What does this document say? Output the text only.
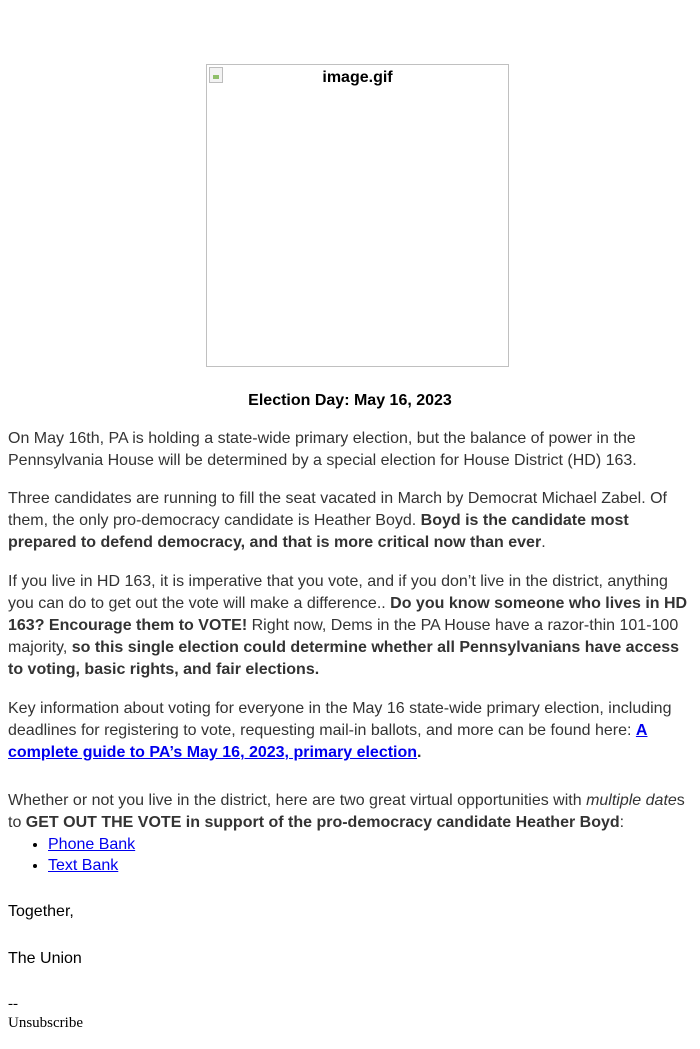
image.gif
Election Day: May 16, 2023

On May 16th, PA is holding a state-wide primary election, but the balance of power in the Pennsylvania House will be determined by a special election for House District (HD) 163.

Three candidates are running to fill the seat vacated in March by Democrat Michael Zabel. Of them, the only pro-democracy candidate is Heather Boyd. Boyd is the candidate most prepared to defend democracy, and that is more critical now than ever.

If you live in HD 163, it is imperative that you vote, and if you don’t live in the district, anything you can do to get out the vote will make a difference.. Do you know someone who lives in HD 163? Encourage them to VOTE! Right now, Dems in the PA House have a razor-thin 101-100 majority, so this single election could determine whether all Pennsylvanians have access to voting, basic rights, and fair elections.

Key information about voting for everyone in the May 16 state-wide primary election, including deadlines for registering to vote, requesting mail-in ballots, and more can be found here: A complete guide to PA’s May 16, 2023, primary election.

Whether or not you live in the district, here are two great virtual opportunities with multiple dates to GET OUT THE VOTE in support of the pro-democracy candidate Heather Boyd:

• Phone Bank
• Text Bank
Together,
The Union
--
Unsubscribe
